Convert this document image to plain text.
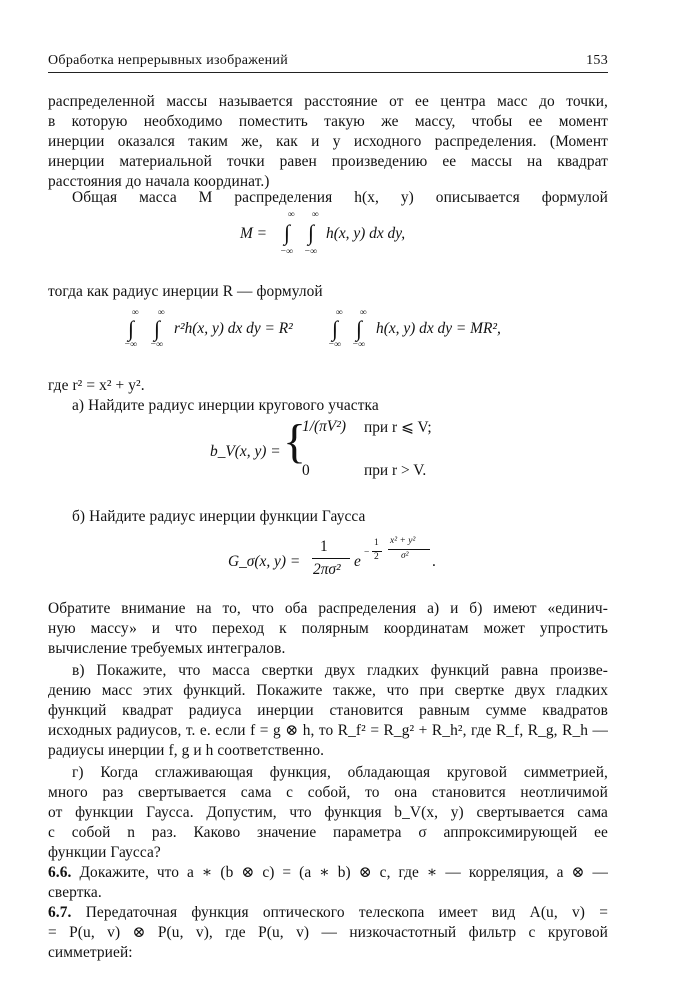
Обработка непрерывных изображений	153
распределенной массы называется расстояние от ее центра масс до точки,
в которую необходимо поместить такую же массу, чтобы ее момент
инерции оказался таким же, как и у исходного распределения. (Момент
инерции материальной точки равен произведению ее массы на квадрат
расстояния до начала координат.)
Общая масса M распределения h(x, y) описывается формулой
M =
∞ ∞
∫ ∫
−∞ −∞
h(x, y) dx dy,
тогда как радиус инерции R — формулой
∞ ∞
∫ ∫
−∞ −∞
r²h(x, y) dx dy = R²
∞ ∞
∫ ∫
−∞ −∞
h(x, y) dx dy = MR²,
где r² = x² + y².
а) Найдите радиус инерции кругового участка
b_V(x, y) = {
1/(πV²) при r ⩽ V;
0	при r > V.
б) Найдите радиус инерции функции Гаусса
G_σ(x, y) =
1
2πσ² e −
1
2
x² + y²
σ² .
Обратите внимание на то, что оба распределения а) и б) имеют «единич-
ную массу» и что переход к полярным координатам может упростить
вычисление требуемых интегралов.
в) Покажите, что масса свертки двух гладких функций равна произве-
дению масс этих функций. Покажите также, что при свертке двух гладких
функций квадрат радиуса инерции становится равным сумме квадратов
исходных радиусов, т. е. если f = g ⊗ h, то R_f² = R_g² + R_h², где R_f, R_g, R_h —
радиусы инерции f, g и h соответственно.
г) Когда сглаживающая функция, обладающая круговой симметрией,
много раз свертывается сама с собой, то она становится неотличимой
от функции Гаусса. Допустим, что функция b_V(x, y) свертывается сама
с собой n раз. Каково значение параметра σ аппроксимирующей ее
функции Гаусса?
6.6. Докажите, что a ∗ (b ⊗ c) = (a ∗ b) ⊗ c, где ∗ — корреляция, а ⊗ —
свертка.
6.7. Передаточная функция оптического телескопа имеет вид A(u, v) =
= P(u, v) ⊗ P(u, v), где P(u, v) — низкочастотный фильтр с круговой
симметрией:
